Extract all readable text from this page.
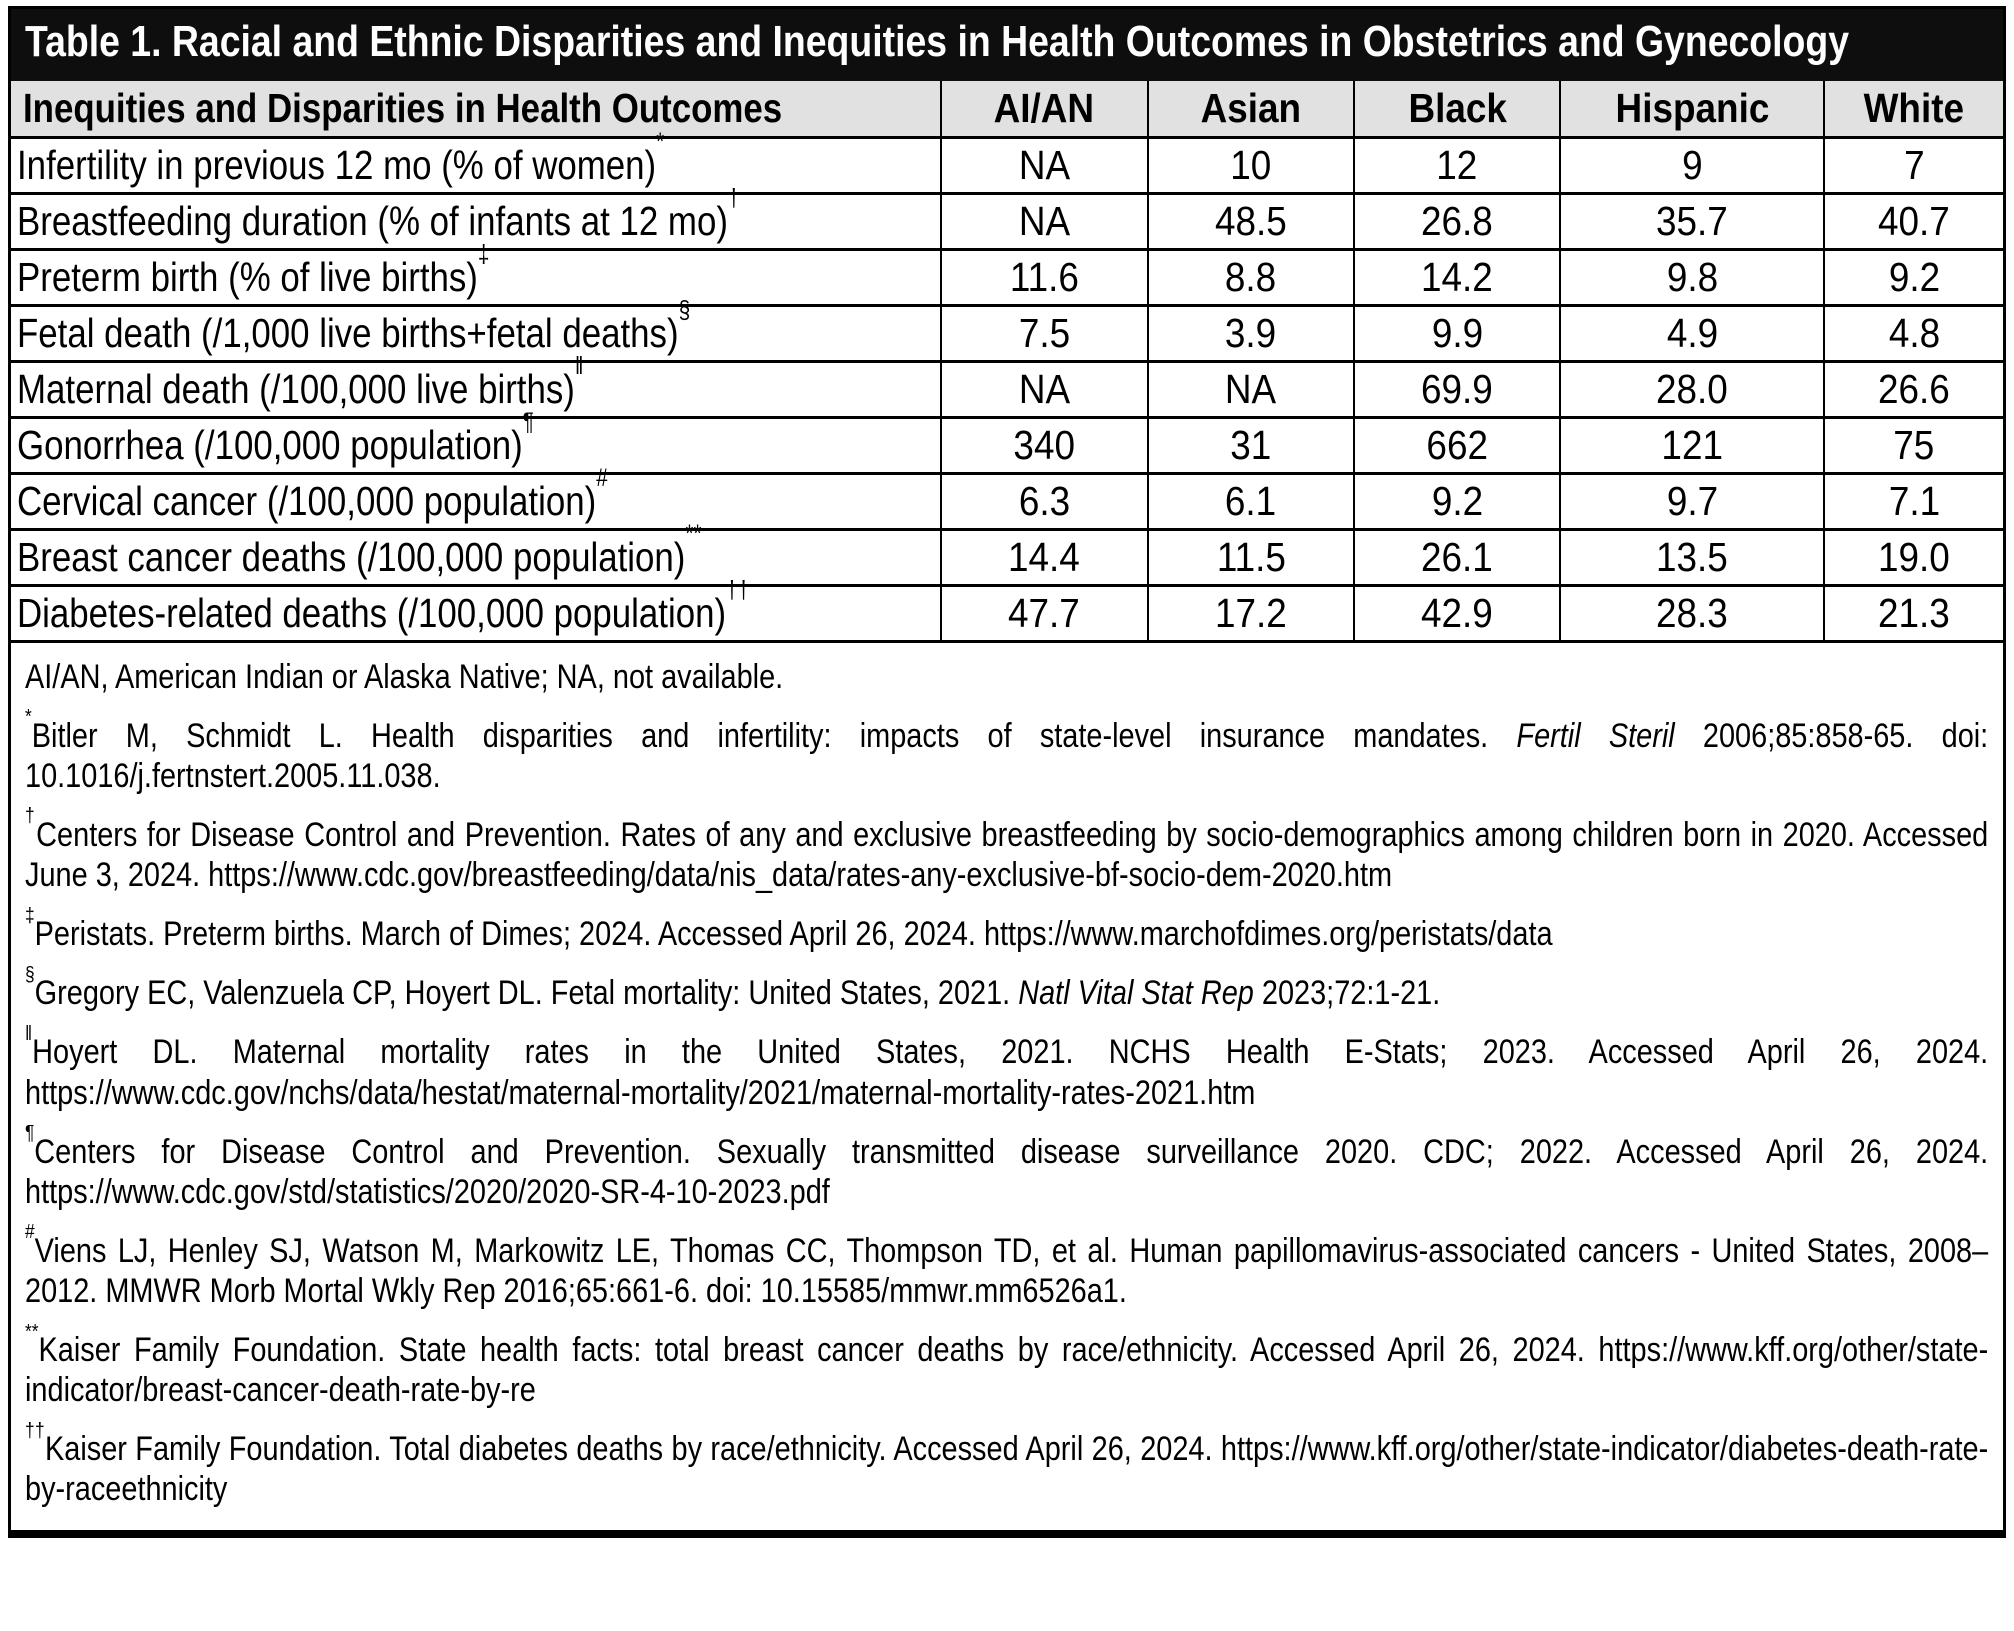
Table 1. Racial and Ethnic Disparities and Inequities in Health Outcomes in Obstetrics and Gynecology
Inequities and Disparities in Health Outcomes	AI/AN	Asian	Black	Hispanic	White
Infertility in previous 12 mo (% of women)*	NA	10	12	9	7
Breastfeeding duration (% of infants at 12 mo)†	NA	48.5	26.8	35.7	40.7
Preterm birth (% of live births)‡	11.6	8.8	14.2	9.8	9.2
Fetal death (/1,000 live births+fetal deaths)§	7.5	3.9	9.9	4.9	4.8
Maternal death (/100,000 live births)‖	NA	NA	69.9	28.0	26.6
Gonorrhea (/100,000 population)¶	340	31	662	121	75
Cervical cancer (/100,000 population)#	6.3	6.1	9.2	9.7	7.1
Breast cancer deaths (/100,000 population)**	14.4	11.5	26.1	13.5	19.0
Diabetes-related deaths (/100,000 population)††	47.7	17.2	42.9	28.3	21.3

AI/AN, American Indian or Alaska Native; NA, not available.

*Bitler M, Schmidt L. Health disparities and infertility: impacts of state-level insurance mandates. Fertil Steril 2006;85:858-65. doi: 10.1016/j.fertnstert.2005.11.038.

†Centers for Disease Control and Prevention. Rates of any and exclusive breastfeeding by socio-demographics among children born in 2020. Accessed June 3, 2024. https://www.cdc.gov/breastfeeding/data/nis_data/rates-any-exclusive-bf-socio-dem-2020.htm

‡Peristats. Preterm births. March of Dimes; 2024. Accessed April 26, 2024. https://www.marchofdimes.org/peristats/data

§Gregory EC, Valenzuela CP, Hoyert DL. Fetal mortality: United States, 2021. Natl Vital Stat Rep 2023;72:1-21.

‖Hoyert DL. Maternal mortality rates in the United States, 2021. NCHS Health E-Stats; 2023. Accessed April 26, 2024. https://www.cdc.gov/nchs/data/hestat/maternal-mortality/2021/maternal-mortality-rates-2021.htm

¶Centers for Disease Control and Prevention. Sexually transmitted disease surveillance 2020. CDC; 2022. Accessed April 26, 2024. https://www.cdc.gov/std/statistics/2020/2020-SR-4-10-2023.pdf

#Viens LJ, Henley SJ, Watson M, Markowitz LE, Thomas CC, Thompson TD, et al. Human papillomavirus-associated cancers - United States, 2008–2012. MMWR Morb Mortal Wkly Rep 2016;65:661-6. doi: 10.15585/mmwr.mm6526a1.

**Kaiser Family Foundation. State health facts: total breast cancer deaths by race/ethnicity. Accessed April 26, 2024. https://www.kff.org/other/state-indicator/breast-cancer-death-rate-by-re

††Kaiser Family Foundation. Total diabetes deaths by race/ethnicity. Accessed April 26, 2024. https://www.kff.org/other/state-indicator/diabetes-death-rate-by-raceethnicity
